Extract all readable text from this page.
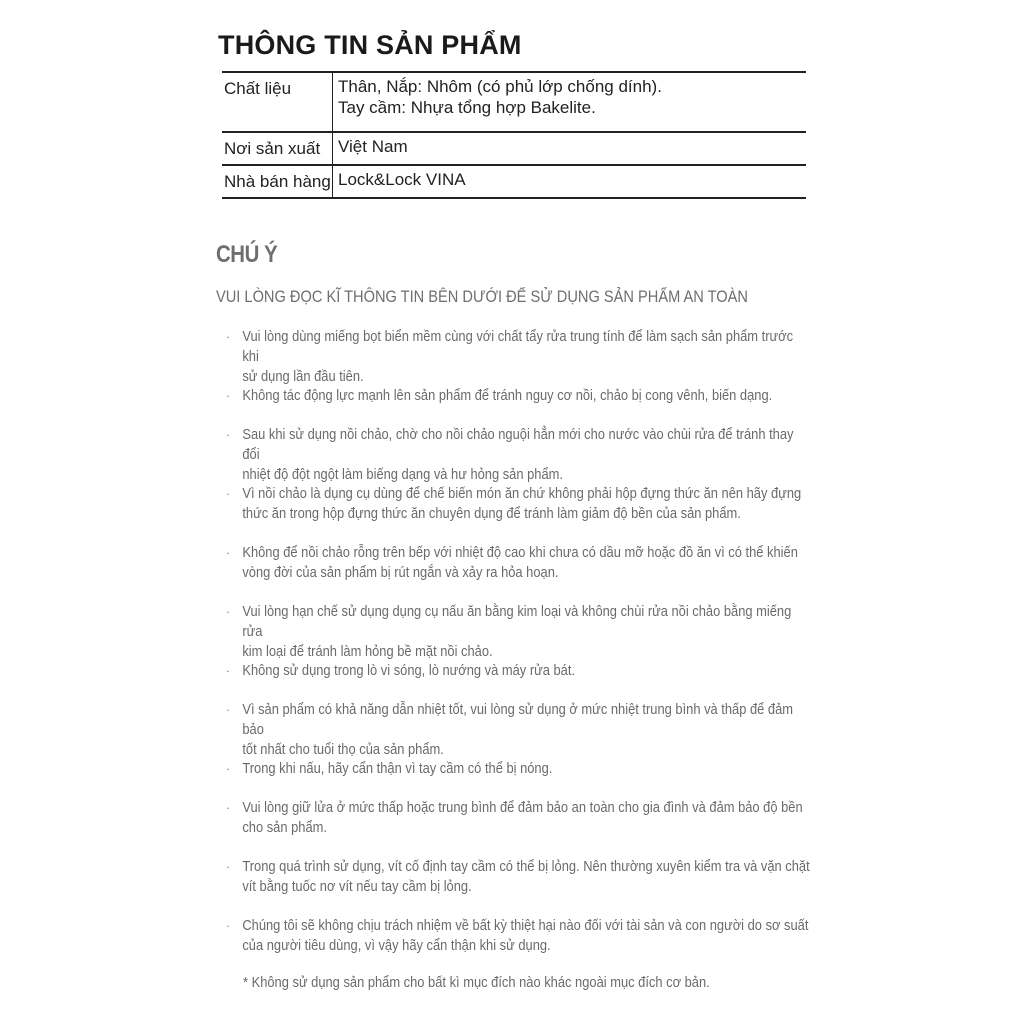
THÔNG TIN SẢN PHẨM
Chất liệu	Thân, Nắp: Nhôm (có phủ lớp chống dính).
Tay cầm: Nhựa tổng hợp Bakelite.

Nơi sản xuất	Việt Nam
Nhà bán hàng	Lock&Lock VINA
CHÚ Ý
VUI LÒNG ĐỌC KĨ THÔNG TIN BÊN DƯỚI ĐỂ SỬ DỤNG SẢN PHẨM AN TOÀN
· Vui lòng dùng miếng bọt biển mềm cùng với chất tẩy rửa trung tính để làm sạch sản phẩm trước khi
sử dụng lần đầu tiên.
· Không tác động lực mạnh lên sản phẩm để tránh nguy cơ nồi, chảo bị cong vênh, biến dạng.
· Sau khi sử dụng nồi chảo, chờ cho nồi chảo nguội hẳn mới cho nước vào chùi rửa để tránh thay đổi
nhiệt độ đột ngột làm biếng dạng và hư hỏng sản phẩm.
· Vì nồi chảo là dụng cụ dùng để chế biến món ăn chứ không phải hộp đựng thức ăn nên hãy đựng
thức ăn trong hộp đựng thức ăn chuyên dụng để tránh làm giảm độ bền của sản phẩm.
· Không để nồi chảo rỗng trên bếp với nhiệt độ cao khi chưa có dầu mỡ hoặc đồ ăn vì có thể khiến
vòng đời của sản phẩm bị rút ngắn và xảy ra hỏa hoạn.
· Vui lòng hạn chế sử dụng dụng cụ nấu ăn bằng kim loại và không chùi rửa nồi chảo bằng miếng rửa
kim loại để tránh làm hỏng bề mặt nồi chảo.
· Không sử dụng trong lò vi sóng, lò nướng và máy rửa bát.
· Vì sản phẩm có khả năng dẫn nhiệt tốt, vui lòng sử dụng ở mức nhiệt trung bình và thấp để đảm bảo
tốt nhất cho tuổi thọ của sản phẩm.
· Trong khi nấu, hãy cẩn thận vì tay cầm có thể bị nóng.
· Vui lòng giữ lửa ở mức thấp hoặc trung bình để đảm bảo an toàn cho gia đình và đảm bảo độ bền
cho sản phẩm.
· Trong quá trình sử dụng, vít cố định tay cầm có thể bị lỏng. Nên thường xuyên kiểm tra và vặn chặt
vít bằng tuốc nơ vít nếu tay cầm bị lỏng.
· Chúng tôi sẽ không chịu trách nhiệm về bất kỳ thiệt hại nào đối với tài sản và con người do sơ suất
của người tiêu dùng, vì vậy hãy cẩn thận khi sử dụng.
* Không sử dụng sản phẩm cho bất kì mục đích nào khác ngoài mục đích cơ bản.
